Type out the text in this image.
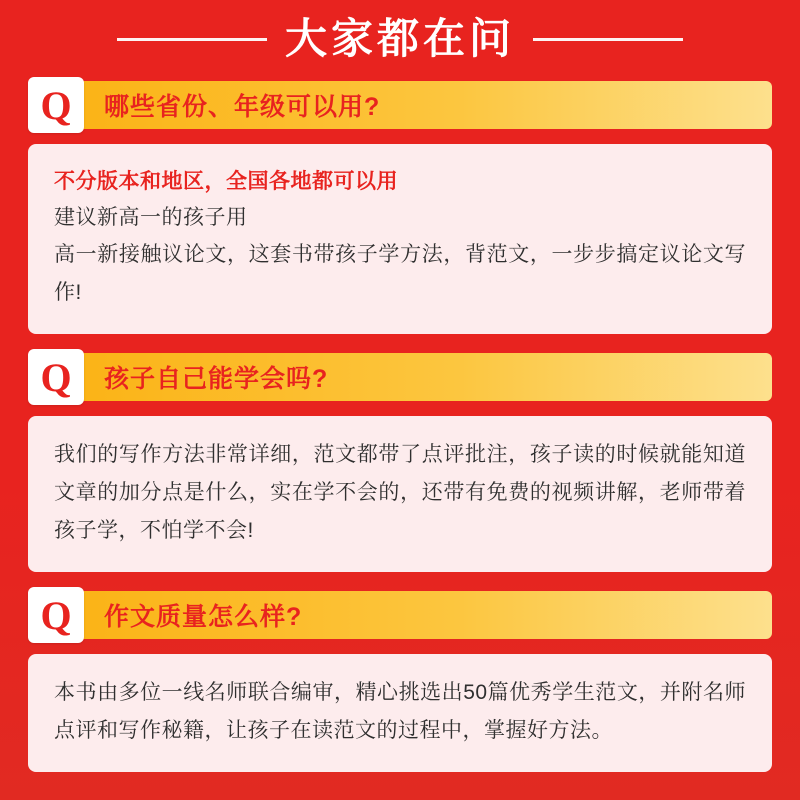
大家都在问
Q	哪些省份、年级可以用?
不分版本和地区，全国各地都可以用
建议新高一的孩子用
高一新接触议论文，这套书带孩子学方法，背范文，一步步搞定议论文写作!
Q	孩子自己能学会吗?
我们的写作方法非常详细，范文都带了点评批注，孩子读的时候就能知道文章的加分点是什么，实在学不会的，还带有免费的视频讲解，老师带着孩子学，不怕学不会!
Q	作文质量怎么样?
本书由多位一线名师联合编审，精心挑选出50篇优秀学生范文，并附名师点评和写作秘籍，让孩子在读范文的过程中，掌握好方法。
